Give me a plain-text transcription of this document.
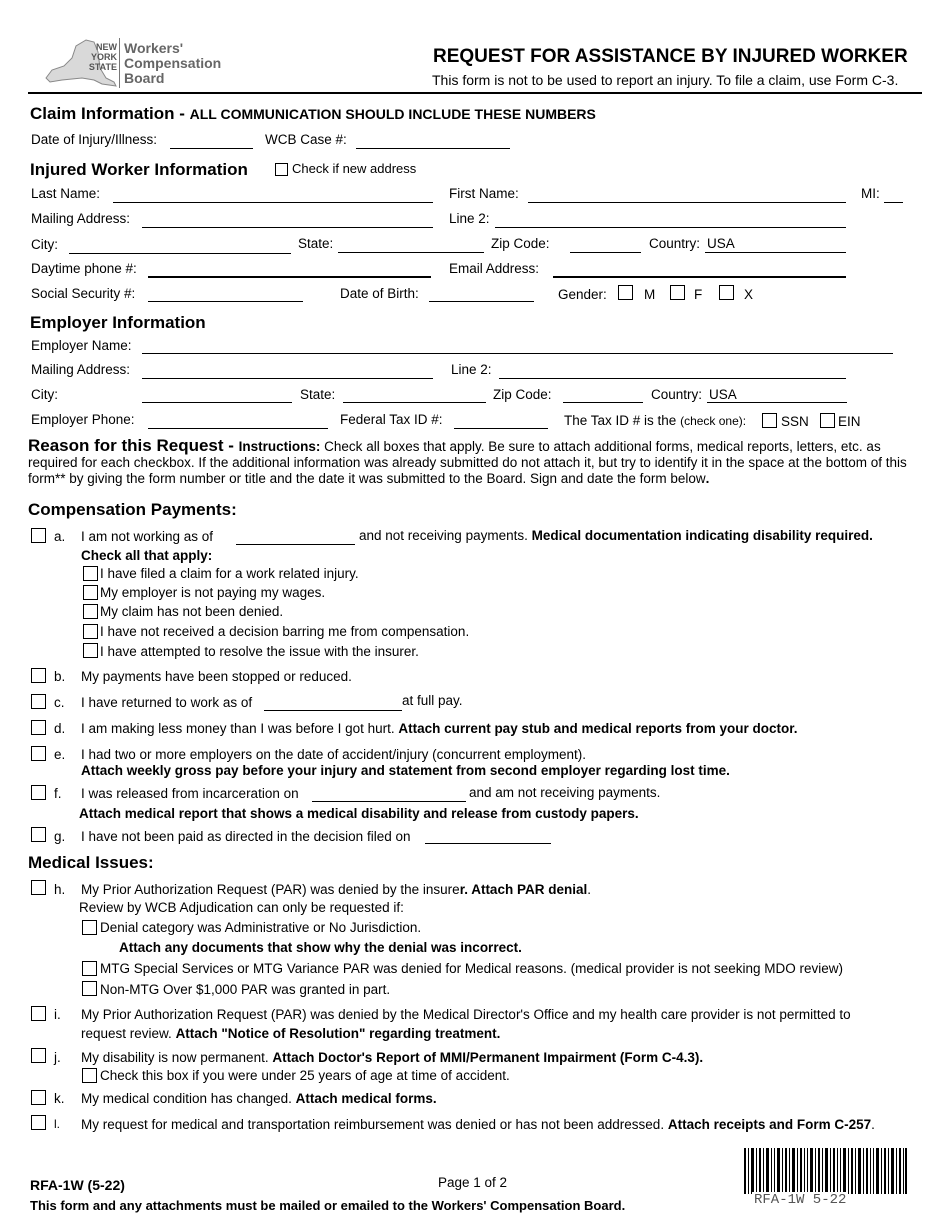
NEW
YORK
STATE
Workers'
Compensation
Board
REQUEST FOR ASSISTANCE BY INJURED WORKER
This form is not to be used to report an injury. To file a claim, use Form C-3.
Claim Information - ALL COMMUNICATION SHOULD INCLUDE THESE NUMBERS
Date of Injury/Illness:	WCB Case #:
Injured Worker Information	Check if new address
Last Name:	First Name:	MI:
Mailing Address:	Line 2:
City:	State:	Zip Code:	Country: USA
Daytime phone #:	Email Address:
Social Security #:	Date of Birth:	Gender:	M	F	X
Employer Information
Employer Name:
Mailing Address:	Line 2:
City:	State:	Zip Code:	Country: USA
Employer Phone:	Federal Tax ID #:	The Tax ID # is the (check one):	SSN EIN
Reason for this Request - Instructions: Check all boxes that apply. Be sure to attach additional forms, medical reports, letters, etc. as required for each checkbox. If the additional information was already submitted do not attach it, but try to identify it in the space at the bottom of this form** by giving the form number or title and the date it was submitted to the Board. Sign and date the form below.
Compensation Payments:
a. I am not working as of	and not receiving payments. Medical documentation indicating disability required.
Check all that apply:
I have filed a claim for a work related injury.
My employer is not paying my wages.
My claim has not been denied.
I have not received a decision barring me from compensation.
I have attempted to resolve the issue with the insurer.
b. My payments have been stopped or reduced.
c. I have returned to work as of	at full pay.
d. I am making less money than I was before I got hurt. Attach current pay stub and medical reports from your doctor.
e. I had two or more employers on the date of accident/injury (concurrent employment).
Attach weekly gross pay before your injury and statement from second employer regarding lost time.
f. I was released from incarceration on	and am not receiving payments.
Attach medical report that shows a medical disability and release from custody papers.
g. I have not been paid as directed in the decision filed on
Medical Issues:
h. My Prior Authorization Request (PAR) was denied by the insurer. Attach PAR denial.
Review by WCB Adjudication can only be requested if:
Denial category was Administrative or No Jurisdiction.
Attach any documents that show why the denial was incorrect.
MTG Special Services or MTG Variance PAR was denied for Medical reasons. (medical provider is not seeking MDO review)
Non-MTG Over $1,000 PAR was granted in part.
i. My Prior Authorization Request (PAR) was denied by the Medical Director's Office and my health care provider is not permitted to
request review. Attach "Notice of Resolution" regarding treatment.
j. My disability is now permanent. Attach Doctor's Report of MMI/Permanent Impairment (Form C-4.3).
Check this box if you were under 25 years of age at time of accident.
k. My medical condition has changed. Attach medical forms.
l. My request for medical and transportation reimbursement was denied or has not been addressed. Attach receipts and Form C-257.
RFA-1W (5-22)	Page 1 of 2
This form and any attachments must be mailed or emailed to the Workers' Compensation Board.	RFA-1W 5-22
